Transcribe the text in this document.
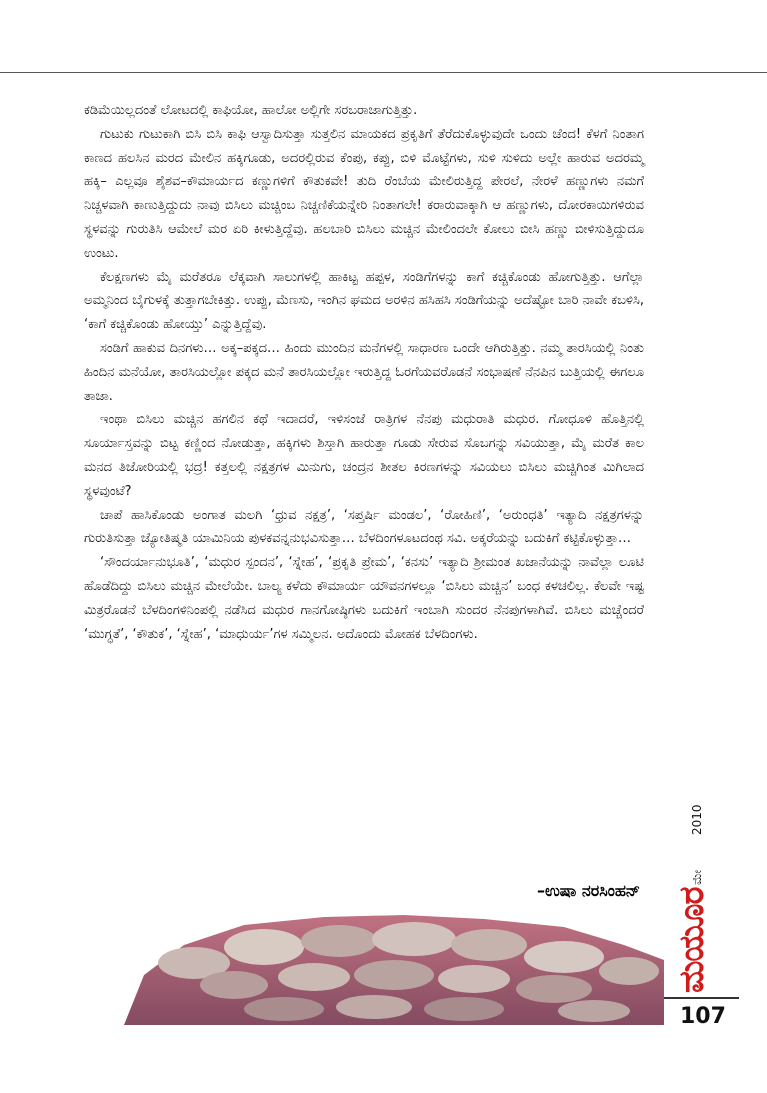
ಕಡಿಮೆಯಿಲ್ಲದಂತೆ ಲೋಟದಲ್ಲಿ ಕಾಫಿಯೋ, ಹಾಲೋ ಅಲ್ಲಿಗೇ ಸರಬರಾಜಾಗುತ್ತಿತ್ತು.

ಗುಟುಕು ಗುಟುಕಾಗಿ ಬಿಸಿ ಬಿಸಿ ಕಾಫಿ ಆಸ್ವಾದಿಸುತ್ತಾ ಸುತ್ತಲಿನ ಮಾಯಕದ ಪ್ರಕೃತಿಗೆ ತೆರೆದುಕೊಳ್ಳುವುದೇ ಒಂದು ಚೆಂದ! ಕೆಳಗೆ ನಿಂತಾಗ ಕಾಣದ ಹಲಸಿನ ಮರದ ಮೇಲಿನ ಹಕ್ಕಿಗೂಡು, ಅದರಲ್ಲಿರುವ ಕೆಂಪು, ಕಪ್ಪು, ಬಿಳಿ ಮೊಟ್ಟೆಗಳು, ಸುಳಿ ಸುಳಿದು ಅಲ್ಲೇ ಹಾರುವ ಅದರಮ್ಮ ಹಕ್ಕಿ– ಎಲ್ಲವೂ ಶೈಶವ–ಕೌಮಾರ್ಯದ ಕಣ್ಣುಗಳಿಗೆ ಕೌತುಕವೇ! ತುದಿ ರೆಂಬೆಯ ಮೇಲಿರುತ್ತಿದ್ದ ಪೇರಲೆ, ನೇರಳೆ ಹಣ್ಣುಗಳು ನಮಗೆ ನಿಚ್ಚಳವಾಗಿ ಕಾಣುತ್ತಿದ್ದುದು ನಾವು ಬಿಸಿಲು ಮಚ್ಚಿಂಬ ನಿಚ್ಚಣಿಕೆಯನ್ನೇರಿ ನಿಂತಾಗಲೇ! ಕರಾರುವಾಕ್ಕಾಗಿ ಆ ಹಣ್ಣುಗಳು, ದೋರಕಾಯಿಗಳಿರುವ ಸ್ಥಳವನ್ನು ಗುರುತಿಸಿ ಆಮೇಲೆ ಮರ ಏರಿ ಕೀಳುತ್ತಿದ್ದೆವು. ಹಲಬಾರಿ ಬಿಸಿಲು ಮಚ್ಚಿನ ಮೇಲಿಂದಲೇ ಕೋಲು ಬೀಸಿ ಹಣ್ಣು ಬೀಳಿಸುತ್ತಿದ್ದುದೂ ಉಂಟು.

ಕೆಲಕ್ಷಣಗಳು ಮೈ ಮರೆತರೂ ಲೆಕ್ಕವಾಗಿ ಸಾಲುಗಳಲ್ಲಿ ಹಾಕಿಟ್ಟ ಹಪ್ಪಳ, ಸಂಡಿಗೆಗಳನ್ನು ಕಾಗೆ ಕಚ್ಚಿಕೊಂಡು ಹೋಗುತ್ತಿತ್ತು. ಆಗೆಲ್ಲಾ ಅಮ್ಮನಿಂದ ಬೈಗುಳಕ್ಕೆ ತುತ್ತಾಗಬೇಕಿತ್ತು. ಉಪ್ಪು, ಮೆಣಸು, ಇಂಗಿನ ಘಮದ ಅರಳಿನ ಹಸಿಹಸಿ ಸಂಡಿಗೆಯನ್ನು ಅದೆಷ್ಟೋ ಬಾರಿ ನಾವೇ ಕಬಳಿಸಿ, ‘ಕಾಗೆ ಕಚ್ಚಿಕೊಂಡು ಹೋಯ್ತು’ ಎನ್ನುತ್ತಿದ್ದೆವು.

ಸಂಡಿಗೆ ಹಾಕುವ ದಿನಗಳು… ಅಕ್ಕ–ಪಕ್ಕದ… ಹಿಂದು ಮುಂದಿನ ಮನೆಗಳಲ್ಲಿ ಸಾಧಾರಣ ಒಂದೇ ಆಗಿರುತ್ತಿತ್ತು. ನಮ್ಮ ತಾರಸಿಯಲ್ಲಿ ನಿಂತು ಹಿಂದಿನ ಮನೆಯೋ, ತಾರಸಿಯಲ್ಲೋ ಪಕ್ಕದ ಮನೆ ತಾರಸಿಯಲ್ಲೋ ಇರುತ್ತಿದ್ದ ಓರಗೆಯವರೊಡನೆ ಸಂಭಾಷಣೆ ನೆನಪಿನ ಬುತ್ತಿಯಲ್ಲಿ ಈಗಲೂ ತಾಜಾ.

ಇಂಥಾ ಬಿಸಿಲು ಮಚ್ಚಿನ ಹಗಲಿನ ಕಥೆ ಇದಾದರೆ, ಇಳಿಸಂಜೆ ರಾತ್ರಿಗಳ ನೆನಪು ಮಧುರಾತಿ ಮಧುರ. ಗೋಧೂಳಿ ಹೊತ್ತಿನಲ್ಲಿ ಸೂರ್ಯಾಸ್ತವನ್ನು ಬಿಟ್ಟ ಕಣ್ಣಿಂದ ನೋಡುತ್ತಾ, ಹಕ್ಕಿಗಳು ಶಿಸ್ತಾಗಿ ಹಾರುತ್ತಾ ಗೂಡು ಸೇರುವ ಸೊಬಗನ್ನು ಸವಿಯುತ್ತಾ, ಮೈ ಮರೆತ ಕಾಲ ಮನದ ತಿಜೋರಿಯಲ್ಲಿ ಭದ್ರ! ಕತ್ತಲಲ್ಲಿ ನಕ್ಷತ್ರಗಳ ಮಿನುಗು, ಚಂದ್ರನ ಶೀತಲ ಕಿರಣಗಳನ್ನು ಸವಿಯಲು ಬಿಸಿಲು ಮಚ್ಚಿಗಿಂತ ಮಿಗಿಲಾದ ಸ್ಥಳವುಂಟೆ?

ಚಾಪೆ ಹಾಸಿಕೊಂಡು ಅಂಗಾತ ಮಲಗಿ ‘ಧ್ರುವ ನಕ್ಷತ್ರ’, ‘ಸಪ್ತರ್ಷಿ ಮಂಡಲ’, ‘ರೋಹಿಣಿ’, ‘ಅರುಂಧತಿ’ ಇತ್ಯಾದಿ ನಕ್ಷತ್ರಗಳನ್ನು ಗುರುತಿಸುತ್ತಾ ಜ್ಯೋತಿಷ್ಮತಿ ಯಾಮಿನಿಯ ಪುಳಕವನ್ನನುಭವಿಸುತ್ತಾ… ಬೆಳದಿಂಗಳೂಟದಂಥ ಸವಿ. ಅಕ್ಕರೆಯನ್ನು ಬದುಕಿಗೆ ಕಟ್ಟಿಕೊಳ್ಳುತ್ತಾ…

‘ಸೌಂದರ್ಯಾನುಭೂತಿ’, ‘ಮಧುರ ಸ್ಪಂದನ’, ‘ಸ್ನೇಹ’, ‘ಪ್ರಕೃತಿ ಪ್ರೇಮ’, ‘ಕನಸು’ ಇತ್ಯಾದಿ ಶ್ರೀಮಂತ ಖಜಾನೆಯನ್ನು ನಾವೆಲ್ಲಾ ಲೂಟಿ ಹೊಡೆದಿದ್ದು ಬಿಸಿಲು ಮಚ್ಚಿನ ಮೇಲೆಯೇ. ಬಾಲ್ಯ ಕಳೆದು ಕೌಮಾರ್ಯ ಯೌವನಗಳಲ್ಲೂ ‘ಬಿಸಿಲು ಮಚ್ಚಿನ’ ಬಂಧ ಕಳಚಲಿಲ್ಲ. ಕೆಲವೇ ಇಷ್ಟ ಮಿತ್ರರೊಡನೆ ಬೆಳದಿಂಗಳಿನಿಂಪಲ್ಲಿ ನಡೆಸಿದ ಮಧುರ ಗಾನಗೋಷ್ಠಿಗಳು ಬದುಕಿಗೆ ಇಂಬಾಗಿ ಸುಂದರ ನೆನಪುಗಳಾಗಿವೆ. ಬಿಸಿಲು ಮಚ್ಚೆಂದರೆ ‘ಮುಗ್ಧತೆ’, ‘ಕೌತುಕ’, ‘ಸ್ನೇಹ’, ‘ಮಾಧುರ್ಯ’ಗಳ ಸಮ್ಮಿಲನ. ಅದೊಂದು ಮೋಹಕ ಬೆಳದಿಂಗಳು.

–ಉಷಾ ನರಸಿಂಹನ್
2010
ಮೇ
ಮಯೂರ
107
